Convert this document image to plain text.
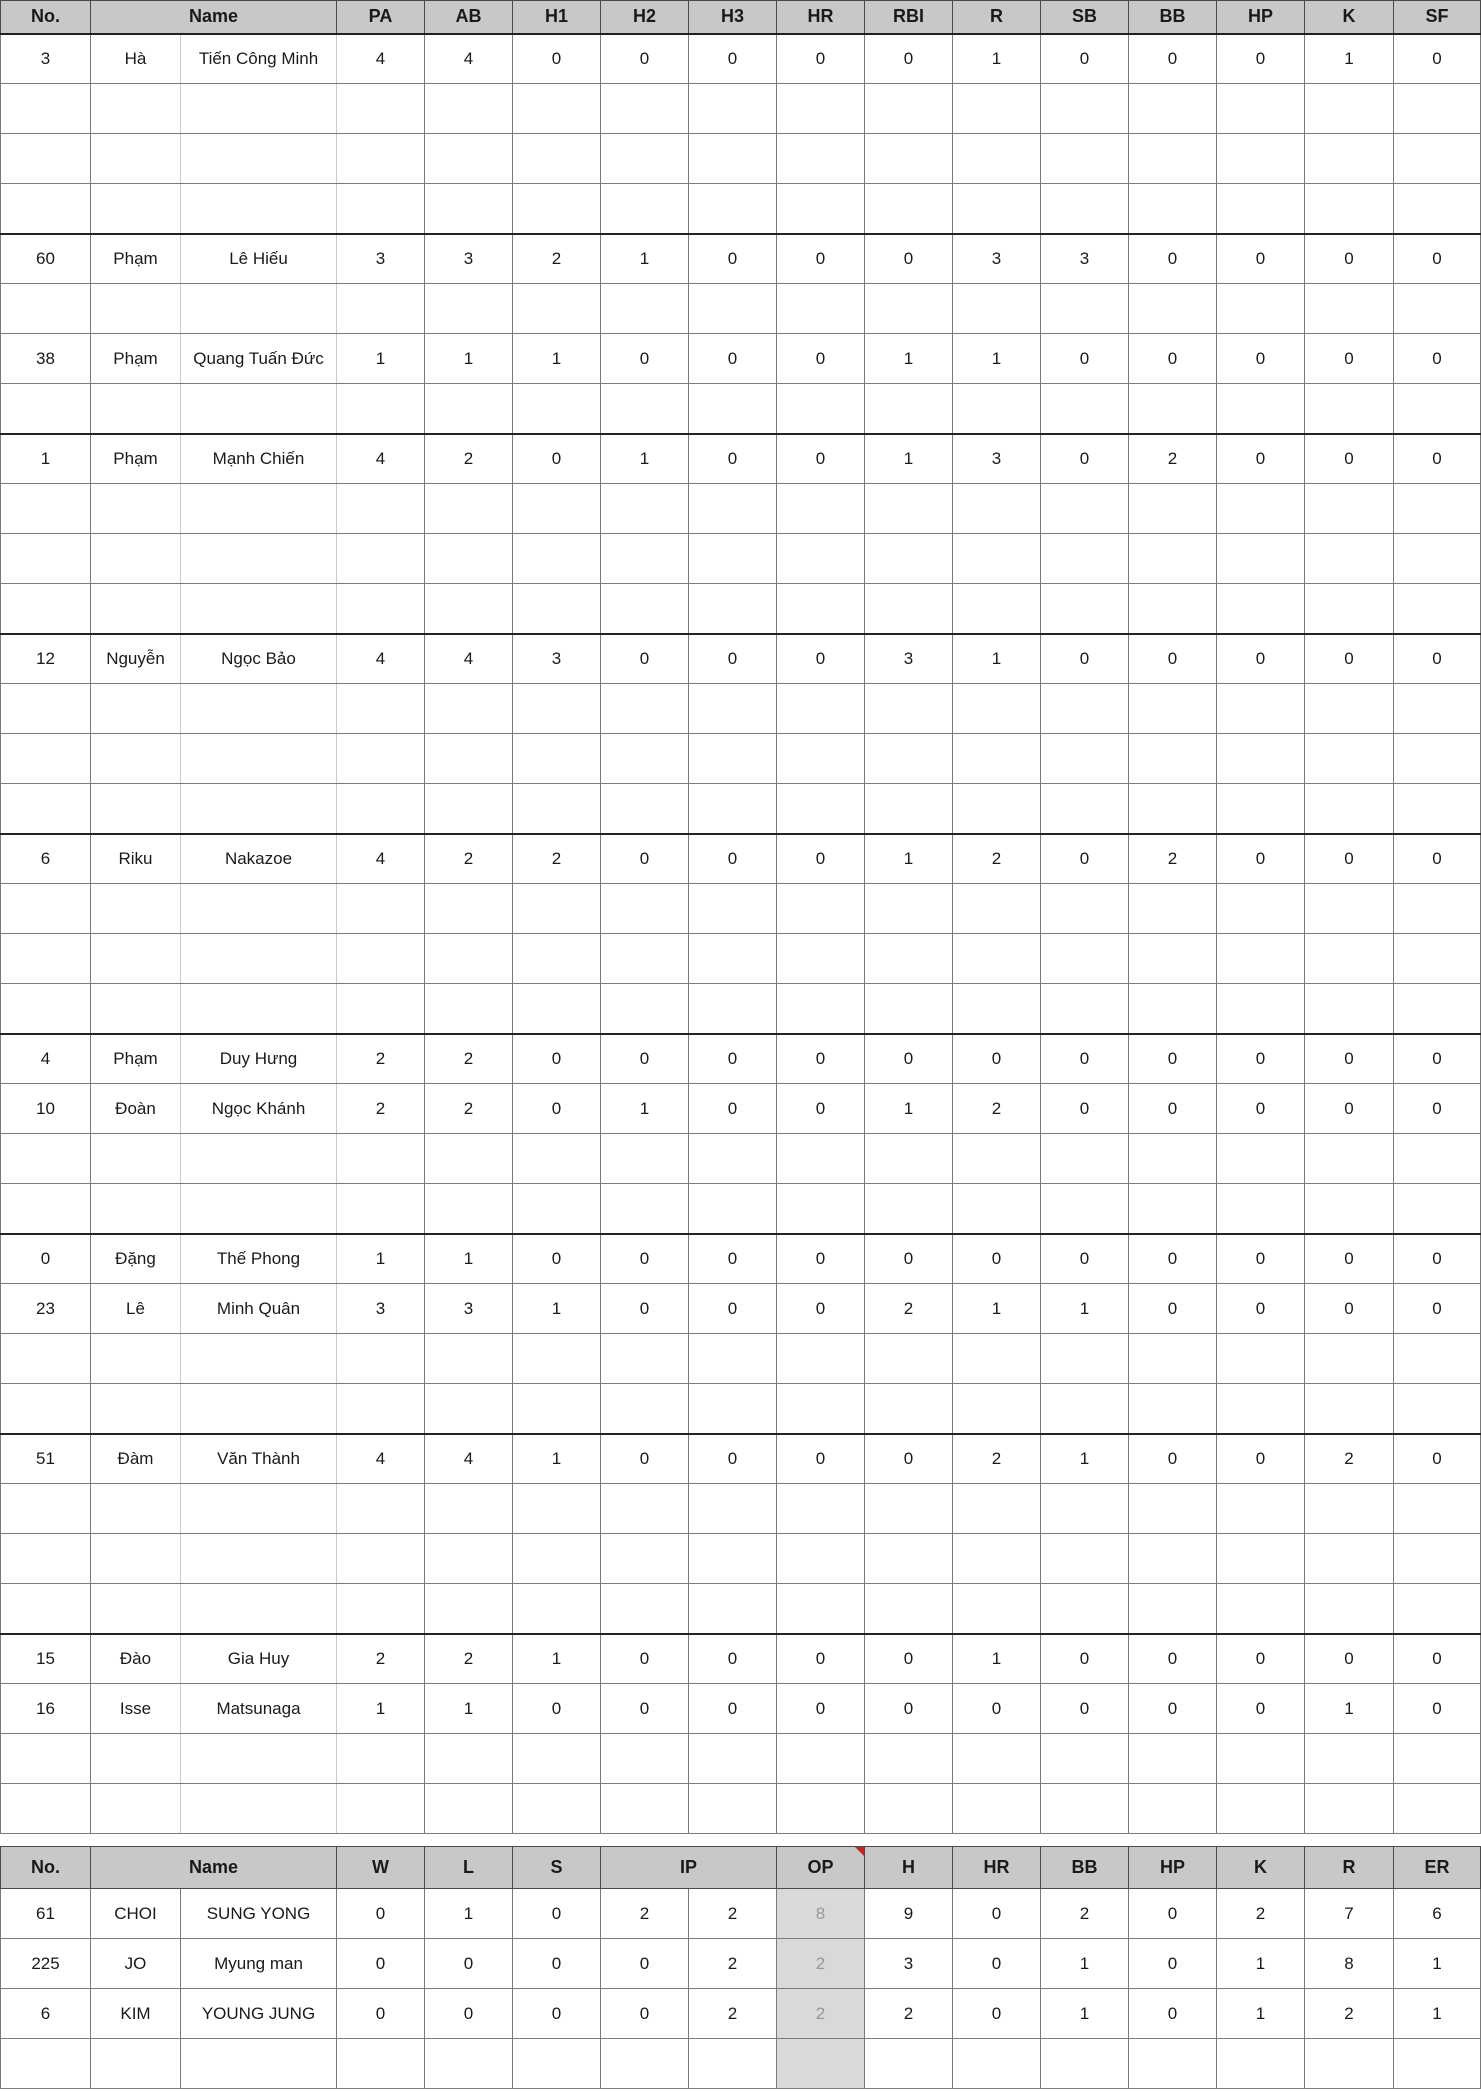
No.	Name		PA	AB	H1	H2	H3	HR	RBI	R	SB	BB	HP	K	SF
3	Hà	Tiến Công Minh	4	4	0	0	0	0	0	1	0	0	0	1	0

60	Phạm	Lê Hiếu	3	3	2	1	0	0	0	3	3	0	0	0	0

38	Phạm	Quang Tuấn Đức	1	1	1	0	0	0	1	1	0	0	0	0	0

1	Phạm	Mạnh Chiến	4	2	0	1	0	0	1	3	0	2	0	0	0

12	Nguyễn	Ngọc Bảo	4	4	3	0	0	0	3	1	0	0	0	0	0

6	Riku	Nakazoe	4	2	2	0	0	0	1	2	0	2	0	0	0

4	Phạm	Duy Hưng	2	2	0	0	0	0	0	0	0	0	0	0	0
10	Đoàn	Ngọc Khánh	2	2	0	1	0	0	1	2	0	0	0	0	0

0	Đặng	Thế Phong	1	1	0	0	0	0	0	0	0	0	0	0	0
23	Lê	Minh Quân	3	3	1	0	0	0	2	1	1	0	0	0	0

51	Đàm	Văn Thành	4	4	1	0	0	0	0	2	1	0	0	2	0

15	Đào	Gia Huy	2	2	1	0	0	0	0	1	0	0	0	0	0
16	Isse	Matsunaga	1	1	0	0	0	0	0	0	0	0	0	1	0

No.	Name		W	L	S	IP		OP	H	HR	BB	HP	K	R	ER
61	CHOI	SUNG YONG	0	1	0	2	2	8	9	0	2	0	2	7	6
225	JO	Myung man	0	0	0	0	2	2	3	0	1	0	1	8	1
6	KIM	YOUNG JUNG	0	0	0	0	2	2	2	0	1	0	1	2	1
